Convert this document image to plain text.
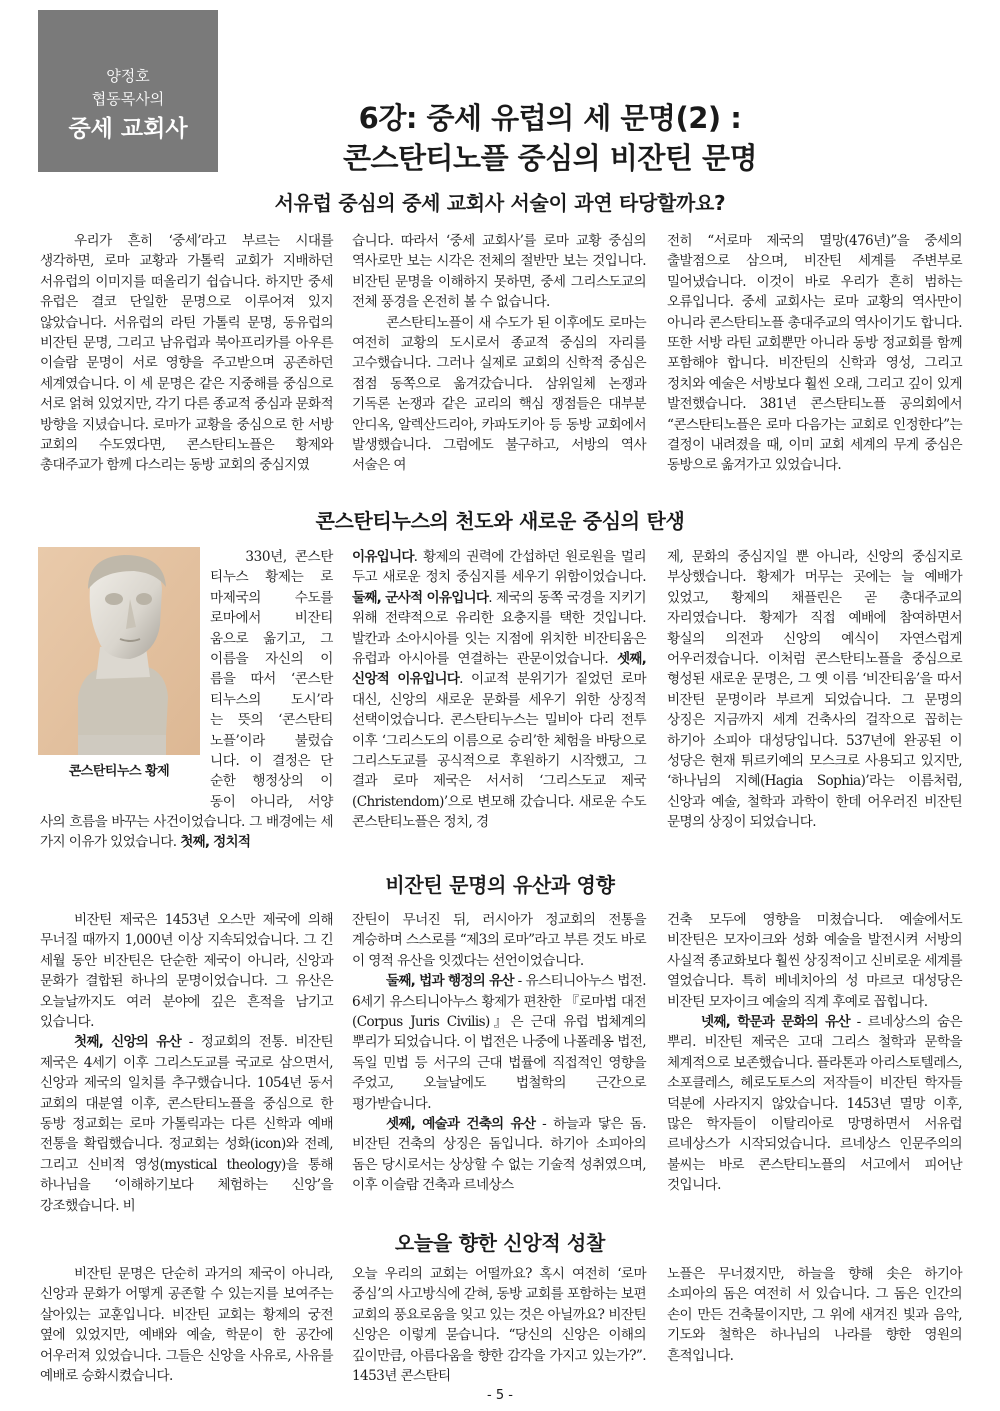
양정호
협동목사의
중세 교회사	6강: 중세 유럽의 세 문명(2) :
콘스탄티노플 중심의 비잔틴 문명
서유럽 중심의 중세 교회사 서술이 과연 타당할까요?

우리가 흔히 ‘중세’라고 부르는 시대를 생각하면, 로마 교황과 가톨릭 교회가 지배하던 서유럽의 이미지를 떠올리기 쉽습니다. 하지만 중세 유럽은 결코 단일한 문명으로 이루어져 있지 않았습니다. 서유럽의 라틴 가톨릭 문명, 동유럽의 비잔틴 문명, 그리고 남유럽과 북아프리카를 아우른 이슬람 문명이 서로 영향을 주고받으며 공존하던 세계였습니다. 이 세 문명은 같은 지중해를 중심으로 서로 얽혀 있었지만, 각기 다른 종교적 중심과 문화적 방향을 지녔습니다. 로마가 교황을 중심으로 한 서방 교회의 수도였다면, 콘스탄티노플은 황제와 총대주교가 함께 다스리는 동방 교회의 중심지였

습니다. 따라서 ‘중세 교회사’를 로마 교황 중심의 역사로만 보는 시각은 전체의 절반만 보는 것입니다. 비잔틴 문명을 이해하지 못하면, 중세 그리스도교의 전체 풍경을 온전히 볼 수 없습니다.

콘스탄티노플이 새 수도가 된 이후에도 로마는 여전히 교황의 도시로서 종교적 중심의 자리를 고수했습니다. 그러나 실제로 교회의 신학적 중심은 점점 동쪽으로 옮겨갔습니다. 삼위일체 논쟁과 기독론 논쟁과 같은 교리의 핵심 쟁점들은 대부분 안디옥, 알렉산드리아, 카파도키아 등 동방 교회에서 발생했습니다. 그럼에도 불구하고, 서방의 역사 서술은 여

전히 “서로마 제국의 멸망(476년)”을 중세의 출발점으로 삼으며, 비잔틴 세계를 주변부로 밀어냈습니다. 이것이 바로 우리가 흔히 범하는 오류입니다. 중세 교회사는 로마 교황의 역사만이 아니라 콘스탄티노플 총대주교의 역사이기도 합니다. 또한 서방 라틴 교회뿐만 아니라 동방 정교회를 함께 포함해야 합니다. 비잔틴의 신학과 영성, 그리고 정치와 예술은 서방보다 훨씬 오래, 그리고 깊이 있게 발전했습니다. 381년 콘스탄티노플 공의회에서 “콘스탄티노플은 로마 다음가는 교회로 인정한다”는 결정이 내려졌을 때, 이미 교회 세계의 무게 중심은 동방으로 옮겨가고 있었습니다.

콘스탄티누스의 천도와 새로운 중심의 탄생
콘스탄티누스 황제
330년, 콘스탄
티누스 황제는 로
마제국의 수도를
로마에서 비잔티
움으로 옮기고, 그
이름을 자신의 이
름을 따서 ‘콘스탄
티누스의 도시’라
는 뜻의 ‘콘스탄티
노플’이라 불렀습
니다. 이 결정은 단
순한 행정상의 이
동이 아니라, 서양

사의 흐름을 바꾸는 사건이었습니다. 그 배경에는 세 가지 이유가 있었습니다. 첫째, 정치적

이유입니다. 황제의 권력에 간섭하던 원로원을 멀리 두고 새로운 정치 중심지를 세우기 위함이었습니다. 둘째, 군사적 이유입니다. 제국의 동쪽 국경을 지키기 위해 전략적으로 유리한 요충지를 택한 것입니다. 발칸과 소아시아를 잇는 지점에 위치한 비잔티움은 유럽과 아시아를 연결하는 관문이었습니다. 셋째, 신앙적 이유입니다. 이교적 분위기가 짙었던 로마 대신, 신앙의 새로운 문화를 세우기 위한 상징적 선택이었습니다. 콘스탄티누스는 밀비아 다리 전투 이후 ‘그리스도의 이름으로 승리’한 체험을 바탕으로 그리스도교를 공식적으로 후원하기 시작했고, 그 결과 로마 제국은 서서히 ‘그리스도교 제국(Christendom)’으로 변모해 갔습니다. 새로운 수도 콘스탄티노플은 정치, 경

제, 문화의 중심지일 뿐 아니라, 신앙의 중심지로 부상했습니다. 황제가 머무는 곳에는 늘 예배가 있었고, 황제의 채플린은 곧 총대주교의 자리였습니다. 황제가 직접 예배에 참여하면서 황실의 의전과 신앙의 예식이 자연스럽게 어우러졌습니다. 이처럼 콘스탄티노플을 중심으로 형성된 새로운 문명은, 그 옛 이름 ‘비잔티움’을 따서 비잔틴 문명이라 부르게 되었습니다. 그 문명의 상징은 지금까지 세계 건축사의 걸작으로 꼽히는 하기아 소피아 대성당입니다. 537년에 완공된 이 성당은 현재 튀르키예의 모스크로 사용되고 있지만, ‘하나님의 지혜(Hagia Sophia)’라는 이름처럼, 신앙과 예술, 철학과 과학이 한데 어우러진 비잔틴 문명의 상징이 되었습니다.

비잔틴 문명의 유산과 영향

비잔틴 제국은 1453년 오스만 제국에 의해 무너질 때까지 1,000년 이상 지속되었습니다. 그 긴 세월 동안 비잔틴은 단순한 제국이 아니라, 신앙과 문화가 결합된 하나의 문명이었습니다. 그 유산은 오늘날까지도 여러 분야에 깊은 흔적을 남기고 있습니다.

첫째, 신앙의 유산 - 정교회의 전통. 비잔틴 제국은 4세기 이후 그리스도교를 국교로 삼으면서, 신앙과 제국의 일치를 추구했습니다. 1054년 동서 교회의 대분열 이후, 콘스탄티노플을 중심으로 한 동방 정교회는 로마 가톨릭과는 다른 신학과 예배 전통을 확립했습니다. 정교회는 성화(icon)와 전례, 그리고 신비적 영성(mystical theology)을 통해 하나님을 ‘이해하기보다 체험하는 신앙’을 강조했습니다. 비

잔틴이 무너진 뒤, 러시아가 정교회의 전통을 계승하며 스스로를 “제3의 로마”라고 부른 것도 바로 이 영적 유산을 잇겠다는 선언이었습니다.

둘째, 법과 행정의 유산 - 유스티니아누스 법전. 6세기 유스티니아누스 황제가 편찬한 『로마법 대전(Corpus Juris Civilis)』은 근대 유럽 법체계의 뿌리가 되었습니다. 이 법전은 나중에 나폴레옹 법전, 독일 민법 등 서구의 근대 법률에 직접적인 영향을 주었고, 오늘날에도 법철학의 근간으로 평가받습니다.

셋째, 예술과 건축의 유산 - 하늘과 닿은 돔. 비잔틴 건축의 상징은 돔입니다. 하기아 소피아의 돔은 당시로서는 상상할 수 없는 기술적 성취였으며, 이후 이슬람 건축과 르네상스

건축 모두에 영향을 미쳤습니다. 예술에서도 비잔틴은 모자이크와 성화 예술을 발전시켜 서방의 사실적 종교화보다 훨씬 상징적이고 신비로운 세계를 열었습니다. 특히 베네치아의 성 마르코 대성당은 비잔틴 모자이크 예술의 직계 후예로 꼽힙니다.

넷째, 학문과 문화의 유산 - 르네상스의 숨은 뿌리. 비잔틴 제국은 고대 그리스 철학과 문학을 체계적으로 보존했습니다. 플라톤과 아리스토텔레스, 소포클레스, 헤로도토스의 저작들이 비잔틴 학자들 덕분에 사라지지 않았습니다. 1453년 멸망 이후, 많은 학자들이 이탈리아로 망명하면서 서유럽 르네상스가 시작되었습니다. 르네상스 인문주의의 불씨는 바로 콘스탄티노플의 서고에서 피어난 것입니다.

오늘을 향한 신앙적 성찰

비잔틴 문명은 단순히 과거의 제국이 아니라, 신앙과 문화가 어떻게 공존할 수 있는지를 보여주는 살아있는 교훈입니다. 비잔틴 교회는 황제의 궁전 옆에 있었지만, 예배와 예술, 학문이 한 공간에 어우러져 있었습니다. 그들은 신앙을 사유로, 사유를 예배로 승화시켰습니다.

오늘 우리의 교회는 어떨까요? 혹시 여전히 ‘로마 중심’의 사고방식에 갇혀, 동방 교회를 포함하는 보편 교회의 풍요로움을 잊고 있는 것은 아닐까요? 비잔틴 신앙은 이렇게 묻습니다. “당신의 신앙은 이해의 깊이만큼, 아름다움을 향한 감각을 가지고 있는가?”. 1453년 콘스탄티

노플은 무너졌지만, 하늘을 향해 솟은 하기아 소피아의 돔은 여전히 서 있습니다. 그 돔은 인간의 손이 만든 건축물이지만, 그 위에 새겨진 빛과 음악, 기도와 철학은 하나님의 나라를 향한 영원의 흔적입니다.

- 5 -
